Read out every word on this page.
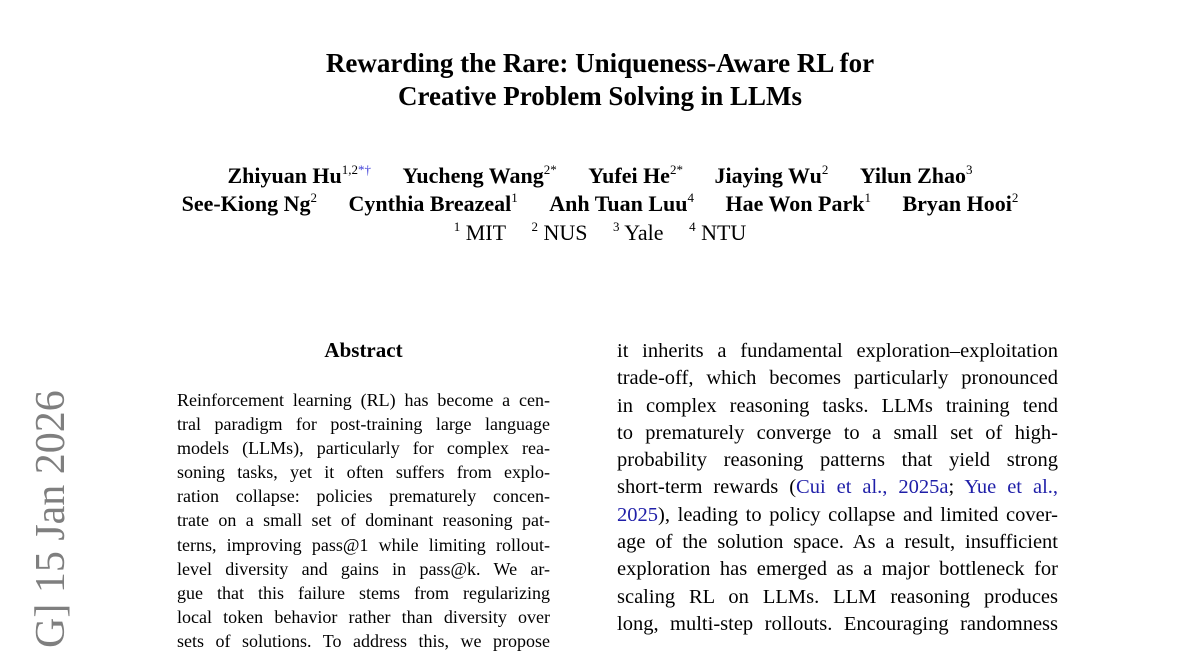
Rewarding the Rare: Uniqueness-Aware RL for
Creative Problem Solving in LLMs
Zhiyuan $Hu^{1,2*\dagger}$ Yucheng Wang$^{2*}$ Yufei $He^{2*}$ Jiaying Wu$^2$ Yilun Zhao$^3$
See-Kiong Ng$^2$ Cynthia Breazeal$^1$ Anh Tuan Luu$^4$ Hae Won Park$^1$ Bryan Hooi$^2$
$^1$ MIT $^2$ NUS $^3$ Yale $^4$ NTU
G] 15 Jan 2026
Abstract
Reinforcement learning (RL) has become a cen-
tral paradigm for post-training large language
models (LLMs), particularly for complex rea-
soning tasks, yet it often suffers from explo-
ration collapse: policies prematurely concen-
trate on a small set of dominant reasoning pat-
terns, improving pass@1 while limiting rollout-
level diversity and gains in pass@k. We ar-
gue that this failure stems from regularizing
local token behavior rather than diversity over
sets of solutions. To address this, we propose
it inherits a fundamental exploration–exploitation
trade-off, which becomes particularly pronounced
in complex reasoning tasks. LLMs training tend
to prematurely converge to a small set of high-
probability reasoning patterns that yield strong
short-term rewards (Cui et al., 2025a; Yue et al.,
2025), leading to policy collapse and limited cover-
age of the solution space. As a result, insufficient
exploration has emerged as a major bottleneck for
scaling RL on LLMs. LLM reasoning produces
long, multi-step rollouts. Encouraging randomness
